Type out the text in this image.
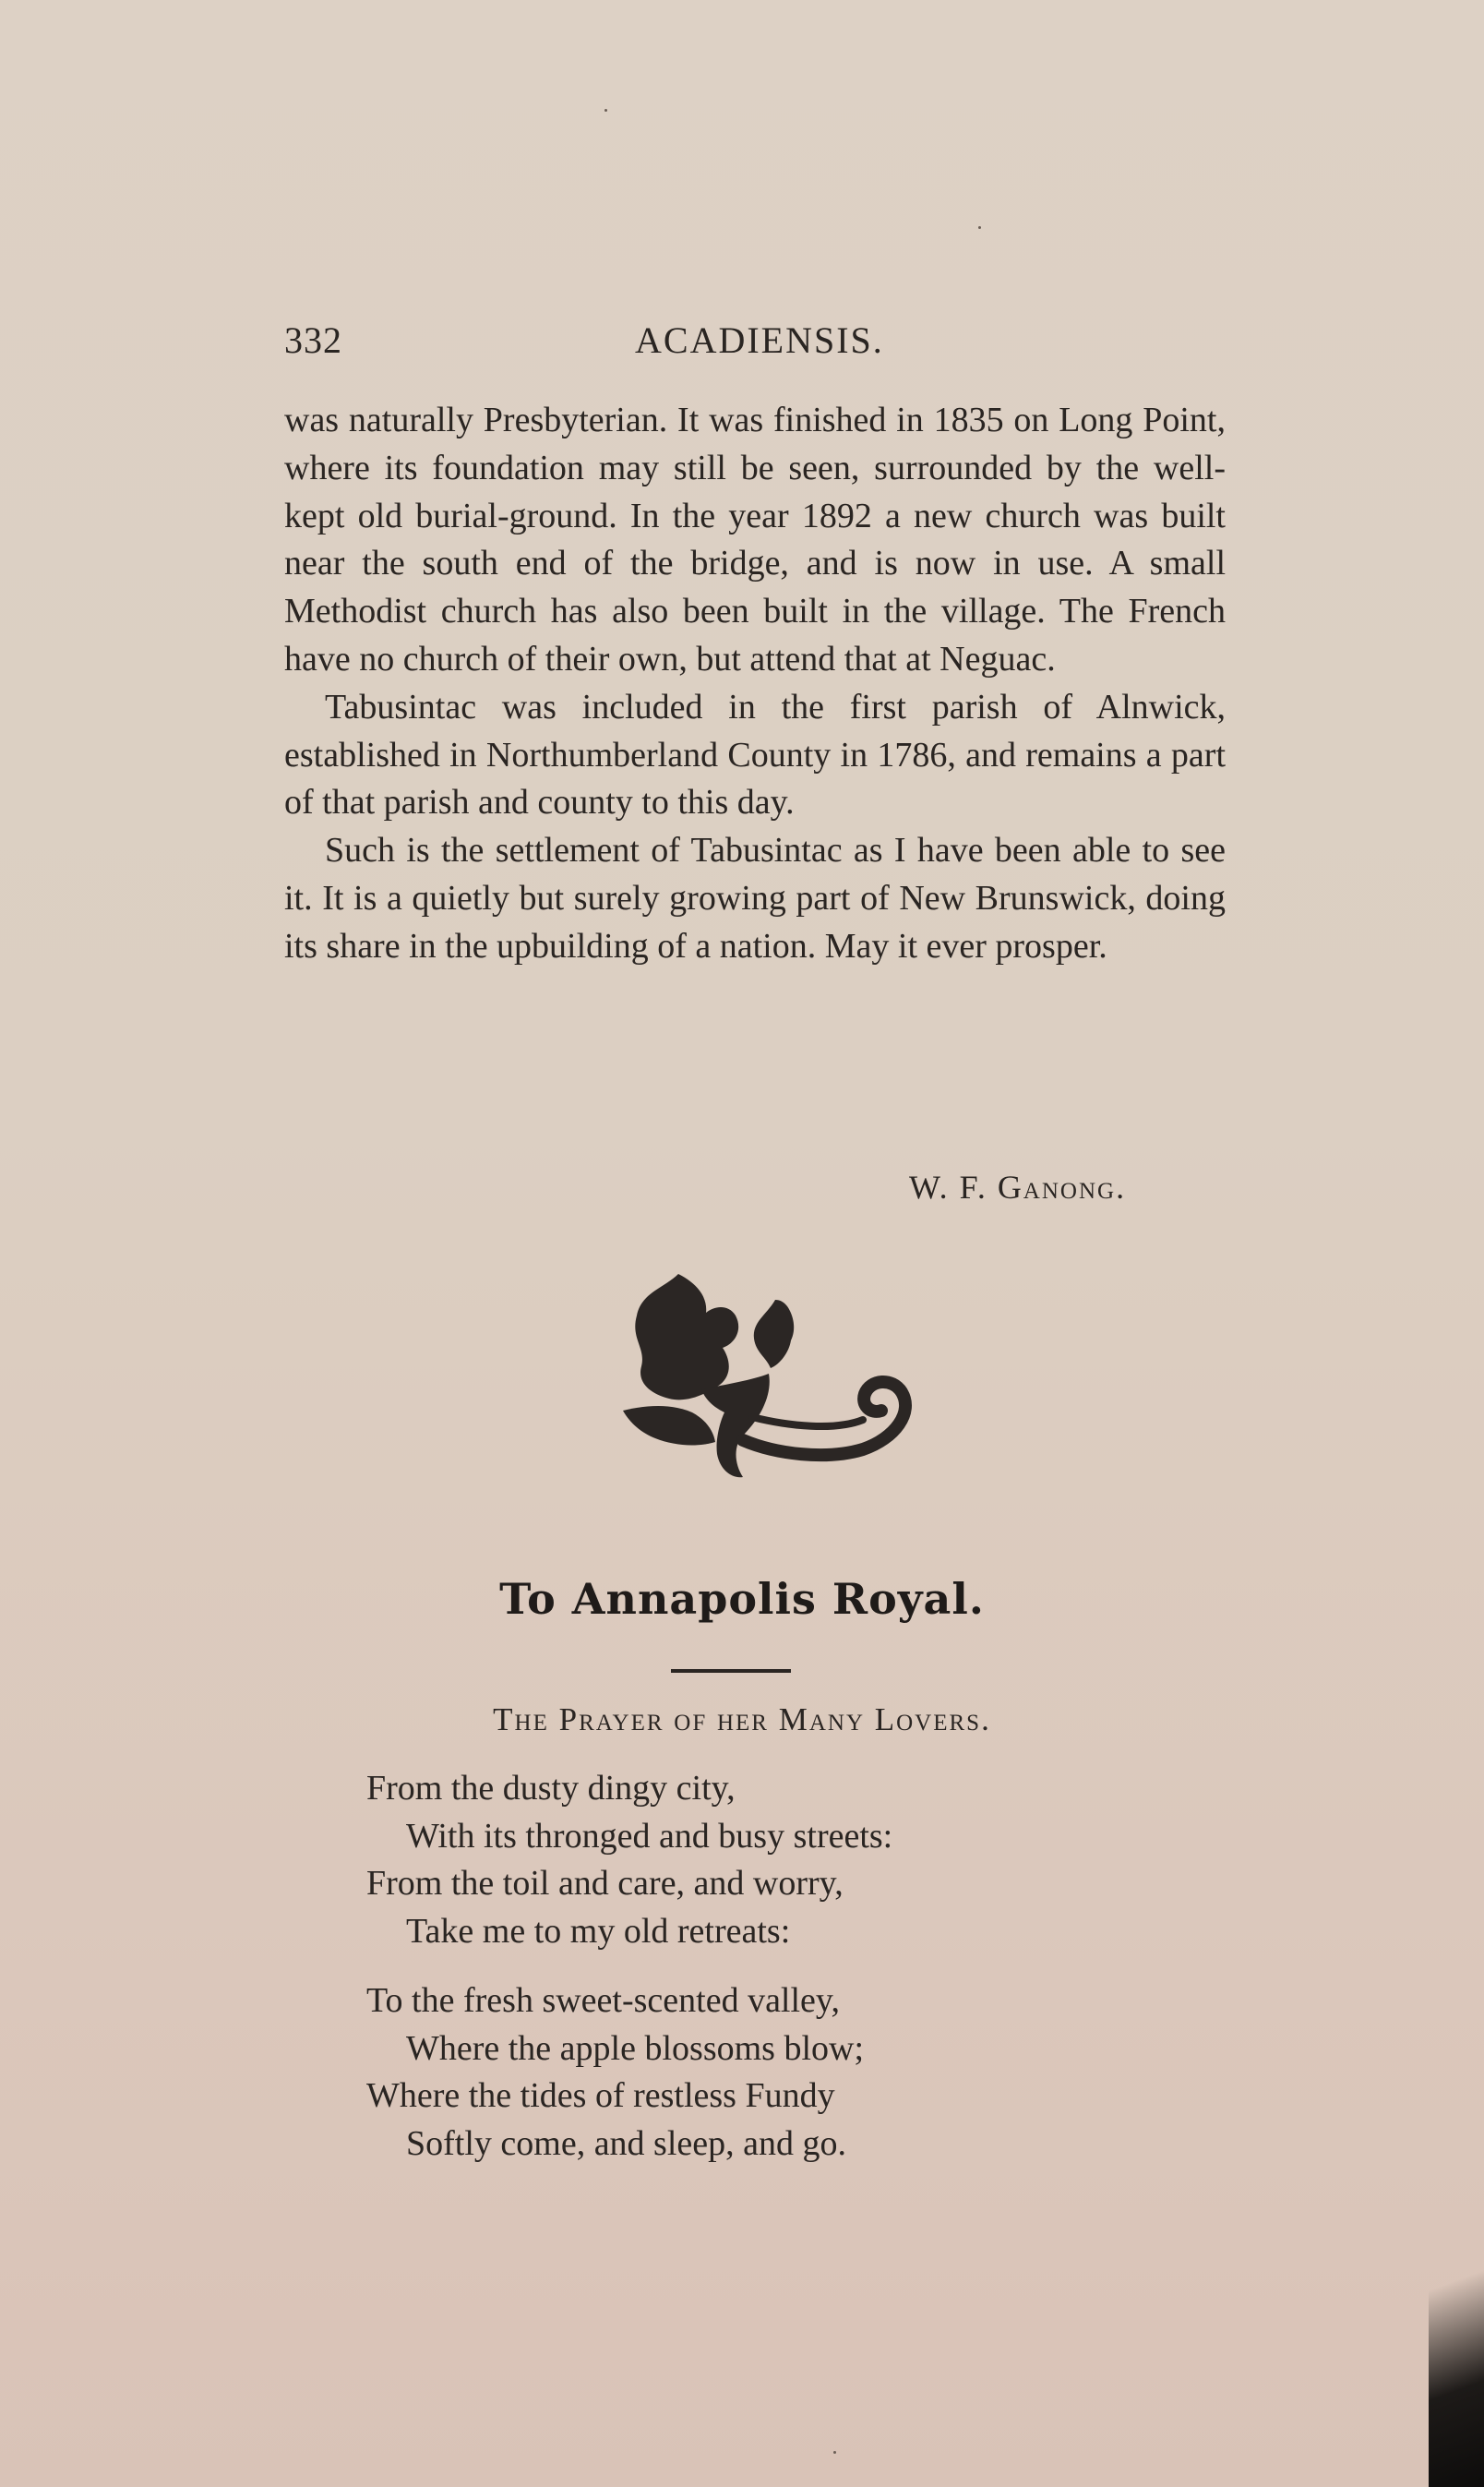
332	ACADIENSIS.

was naturally Presbyterian. It was finished in 1835 on Long Point, where its foundation may still be seen, surrounded by the well-kept old burial-ground. In the year 1892 a new church was built near the south end of the bridge, and is now in use. A small Methodist church has also been built in the village. The French have no church of their own, but attend that at Neguac.

Tabusintac was included in the first parish of Alnwick, established in Northumberland County in 1786, and remains a part of that parish and county to this day.

Such is the settlement of Tabusintac as I have been able to see it. It is a quietly but surely growing part of New Brunswick, doing its share in the upbuilding of a nation. May it ever prosper.

W. F. Ganong.
To Annapolis Royal.
The Prayer of her Many Lovers.
From the dusty dingy city,
With its thronged and busy streets:
From the toil and care, and worry,
Take me to my old retreats:
To the fresh sweet-scented valley,
Where the apple blossoms blow;
Where the tides of restless Fundy
Softly come, and sleep, and go.
